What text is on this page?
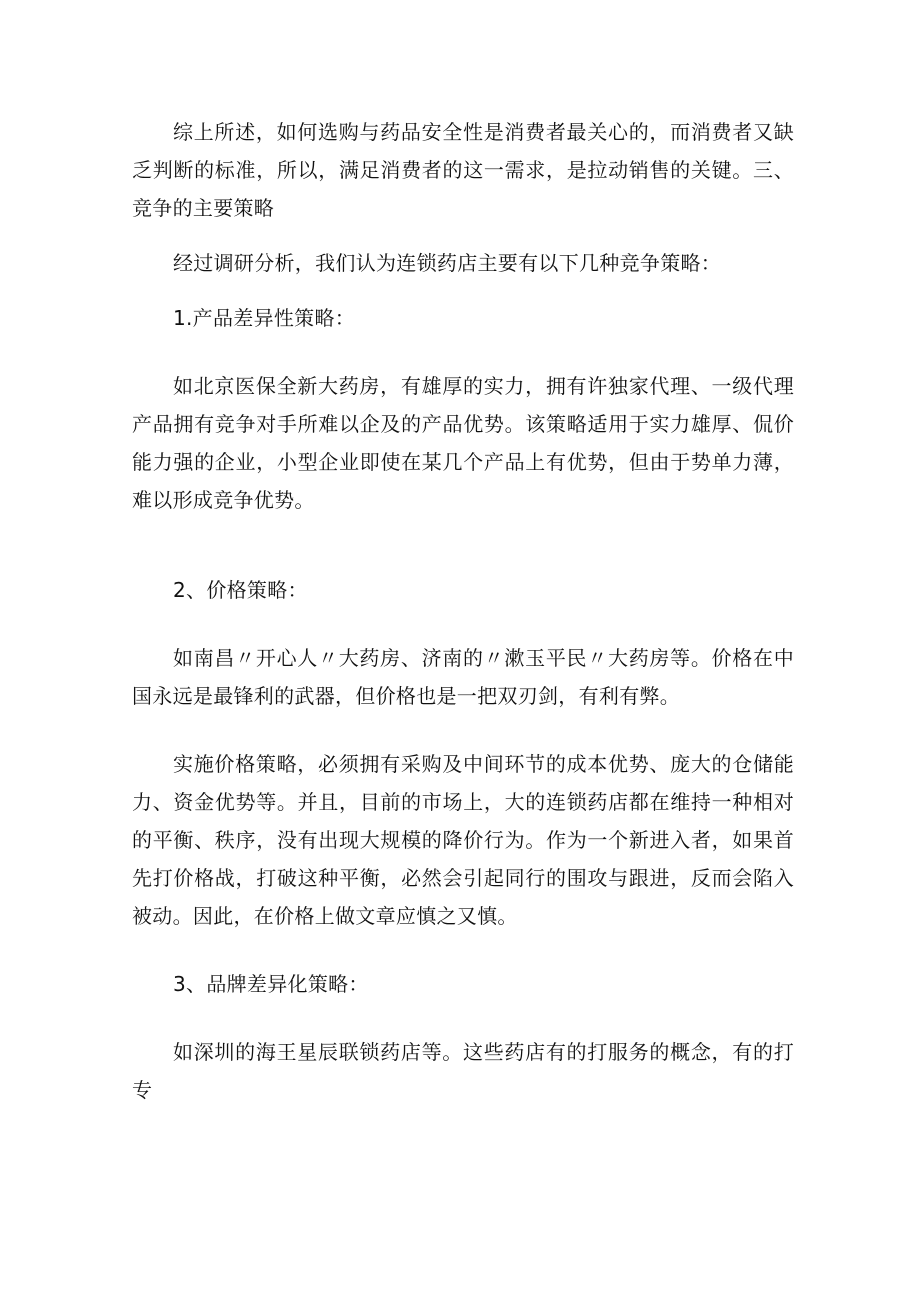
综上所述，如何选购与药品安全性是消费者最关心的，而消费者又缺乏判断的标准，所以，满足消费者的这一需求，是拉动销售的关键。三、竞争的主要策略

经过调研分析，我们认为连锁药店主要有以下几种竞争策略：

1.产品差异性策略：

如北京医保全新大药房，有雄厚的实力，拥有许独家代理、一级代理产品拥有竞争对手所难以企及的产品优势。该策略适用于实力雄厚、侃价能力强的企业，小型企业即使在某几个产品上有优势，但由于势单力薄，难以形成竞争优势。

2、价格策略：

如南昌〃开心人〃大药房、济南的〃漱玉平民〃大药房等。价格在中国永远是最锋利的武器，但价格也是一把双刃剑，有利有弊。

实施价格策略，必须拥有采购及中间环节的成本优势、庞大的仓储能力、资金优势等。并且，目前的市场上，大的连锁药店都在维持一种相对的平衡、秩序，没有出现大规模的降价行为。作为一个新进入者，如果首先打价格战，打破这种平衡，必然会引起同行的围攻与跟进，反而会陷入被动。因此，在价格上做文章应慎之又慎。

3、品牌差异化策略：

如深圳的海王星辰联锁药店等。这些药店有的打服务的概念，有的打专
